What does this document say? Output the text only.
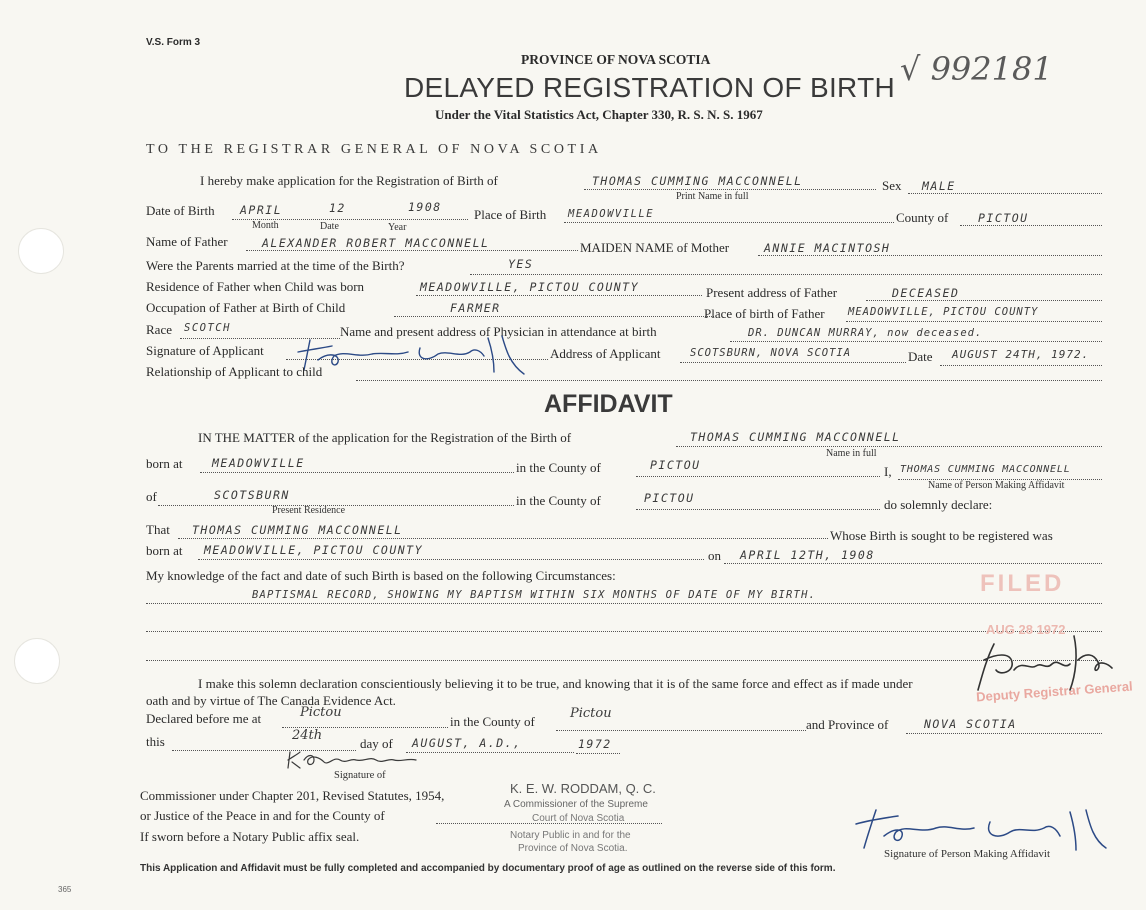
V.S. Form 3
PROVINCE OF NOVA SCOTIA
DELAYED REGISTRATION OF BIRTH
Under the Vital Statistics Act, Chapter 330, R. S. N. S. 1967
√ 992181
TO THE REGISTRAR GENERAL OF NOVA SCOTIA
I hereby make application for the Registration of Birth of	THOMAS CUMMING MACCONNELL
Print Name in full
Sex MALE
Date of Birth APRIL	12	1908
Month	Date	Year
Place of Birth MEADOWVILLE	County of	PICTOU
Name of Father	ALEXANDER ROBERT MACCONNELL	MAIDEN NAME of Mother	ANNIE MACINTOSH
Were the Parents married at the time of the Birth?	YES
Residence of Father when Child was born	MEADOWVILLE, PICTOU COUNTY	Present address of Father	DECEASED
Occupation of Father at Birth of Child	FARMER	Place of birth of Father MEADOWVILLE, PICTOU COUNTY
Race SCOTCH	Name and present address of Physician in attendance at birth	DR. DUNCAN MURRAY, now deceased.
Signature of Applicant	Address of Applicant	SCOTSBURN, NOVA SCOTIA	Date AUGUST 24TH, 1972.
Relationship of Applicant to child
AFFIDAVIT
IN THE MATTER of the application for the Registration of the Birth of	THOMAS CUMMING MACCONNELL
Name in full
born at	MEADOWVILLE	in the County of	PICTOU	I, THOMAS CUMMING MACCONNELL
Name of Person Making Affidavit
of	SCOTSBURN
Present Residence
in the County of	PICTOU	do solemnly declare:
That THOMAS CUMMING MACCONNELL	Whose Birth is sought to be registered was
born at MEADOWVILLE, PICTOU COUNTY	on APRIL 12TH, 1908
My knowledge of the fact and date of such Birth is based on the following Circumstances:
BAPTISMAL RECORD, SHOWING MY BAPTISM WITHIN SIX MONTHS OF DATE OF MY BIRTH.
I make this solemn declaration conscientiously believing it to be true, and knowing that it is of the same force and effect as if made under
oath and by virtue of The Canada Evidence Act.
Declared before me at	Pictou
in the County of
Pictou
and Province of	NOVA SCOTIA
this	24th
day of AUGUST, A.D.,	1972
Signature of
Commissioner under Chapter 201, Revised Statutes, 1954,
or Justice of the Peace in and for the County of
If sworn before a Notary Public affix seal.
K. E. W. RODDAM, Q. C.
A Commissioner of the Supreme
Court of Nova Scotia
Notary Public in and for the
Province of Nova Scotia.
FILED
AUG 28 1972
Deputy Registrar General
Signature of Person Making Affidavit
This Application and Affidavit must be fully completed and accompanied by documentary proof of age as outlined on the reverse side of this form.
365
